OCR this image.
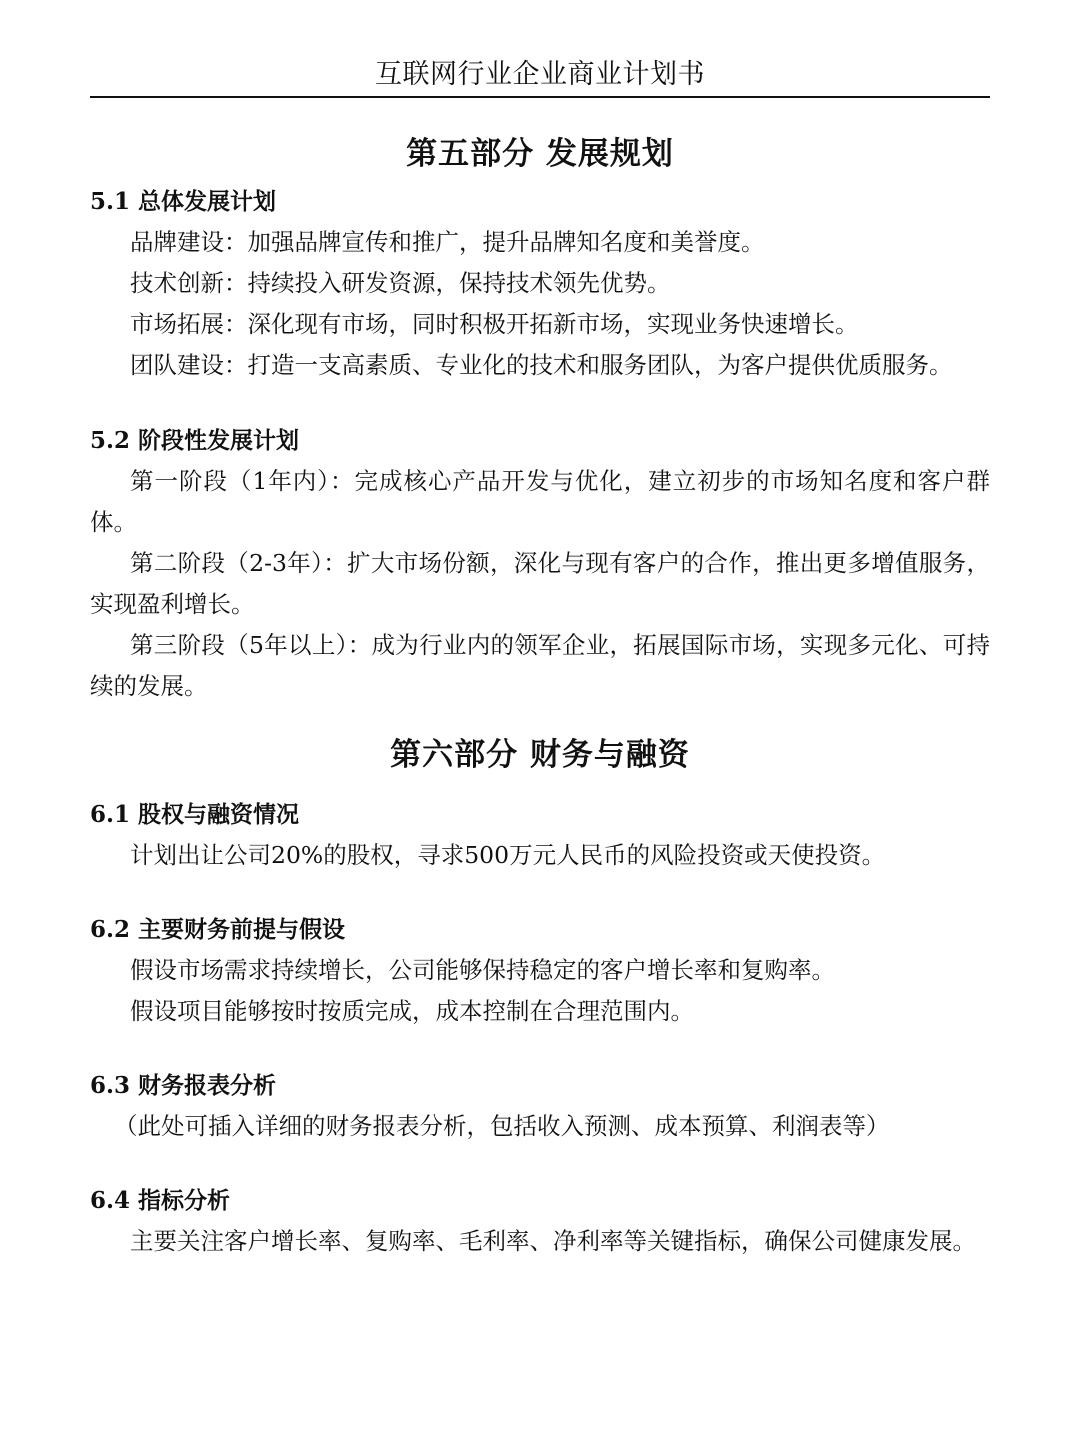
互联网行业企业商业计划书
第五部分 发展规划
5.1 总体发展计划
品牌建设：加强品牌宣传和推广，提升品牌知名度和美誉度。
技术创新：持续投入研发资源，保持技术领先优势。
市场拓展：深化现有市场，同时积极开拓新市场，实现业务快速增长。
团队建设：打造一支高素质、专业化的技术和服务团队，为客户提供优质服务。
5.2 阶段性发展计划
第一阶段（1年内）：完成核心产品开发与优化，建立初步的市场知名度和客户群体。
第二阶段（2-3年）：扩大市场份额，深化与现有客户的合作，推出更多增值服务，实现盈利增长。
第三阶段（5年以上）：成为行业内的领军企业，拓展国际市场，实现多元化、可持续的发展。
第六部分 财务与融资
6.1 股权与融资情况
计划出让公司20%的股权，寻求500万元人民币的风险投资或天使投资。
6.2 主要财务前提与假设
假设市场需求持续增长，公司能够保持稳定的客户增长率和复购率。
假设项目能够按时按质完成，成本控制在合理范围内。
6.3 财务报表分析
（此处可插入详细的财务报表分析，包括收入预测、成本预算、利润表等）
6.4 指标分析
主要关注客户增长率、复购率、毛利率、净利率等关键指标，确保公司健康发展。
